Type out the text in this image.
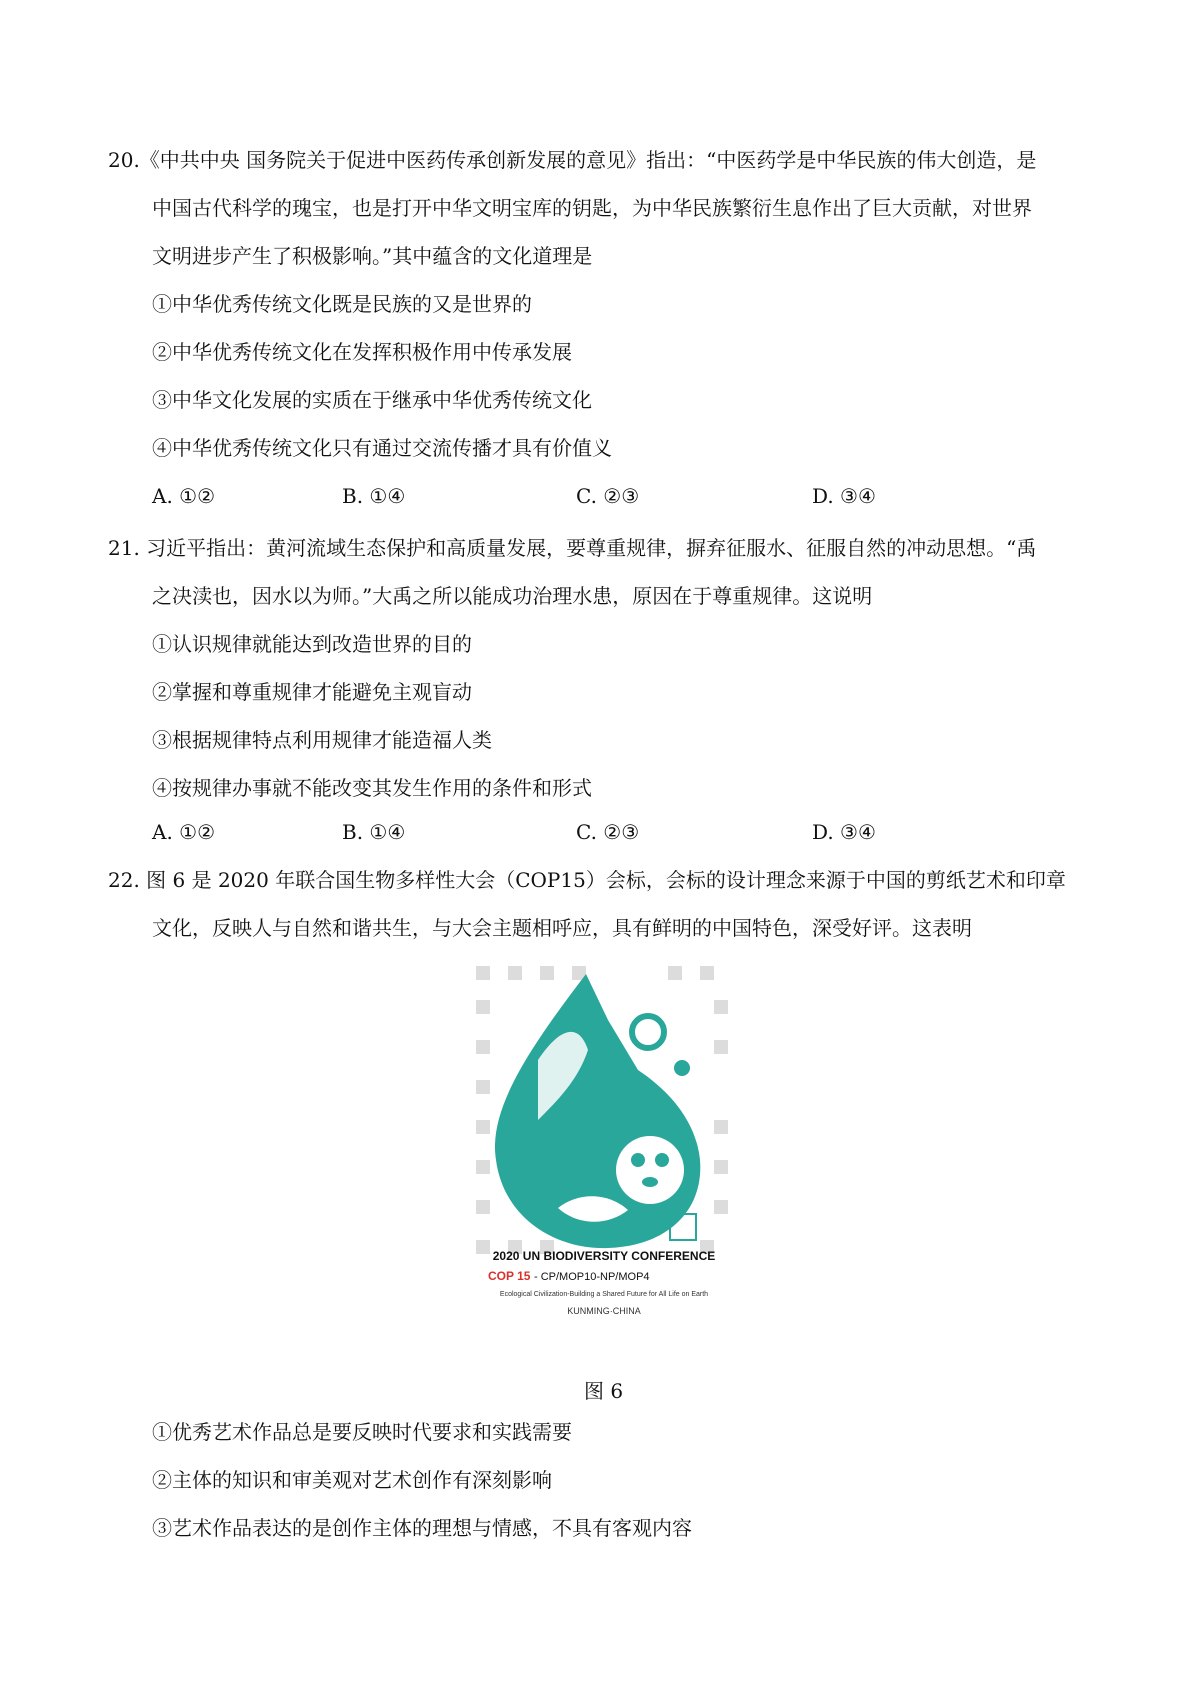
20.《中共中央 国务院关于促进中医药传承创新发展的意见》指出：“中医药学是中华民族的伟大创造，是
中国古代科学的瑰宝，也是打开中华文明宝库的钥匙，为中华民族繁衍生息作出了巨大贡献，对世界
文明进步产生了积极影响。”其中蕴含的文化道理是
①中华优秀传统文化既是民族的又是世界的
②中华优秀传统文化在发挥积极作用中传承发展
③中华文化发展的实质在于继承中华优秀传统文化
④中华优秀传统文化只有通过交流传播才具有价值义
A. ①②	B. ①④	C. ②③	D. ③④
21. 习近平指出：黄河流域生态保护和高质量发展，要尊重规律，摒弃征服水、征服自然的冲动思想。“禹
之决渎也，因水以为师。”大禹之所以能成功治理水患，原因在于尊重规律。这说明
①认识规律就能达到改造世界的目的
②掌握和尊重规律才能避免主观盲动
③根据规律特点利用规律才能造福人类
④按规律办事就不能改变其发生作用的条件和形式
A. ①②	B. ①④	C. ②③	D. ③④
22. 图 6 是 2020 年联合国生物多样性大会（COP15）会标，会标的设计理念来源于中国的剪纸艺术和印章
文化，反映人与自然和谐共生，与大会主题相呼应，具有鲜明的中国特色，深受好评。这表明
2020 UN BIODIVERSITY CONFERENCE
COP 15 - CP/MOP10-NP/MOP4
Ecological Civilization-Building a Shared Future for All Life on Earth
KUNMING·CHINA
图 6
①优秀艺术作品总是要反映时代要求和实践需要
②主体的知识和审美观对艺术创作有深刻影响
③艺术作品表达的是创作主体的理想与情感，不具有客观内容
